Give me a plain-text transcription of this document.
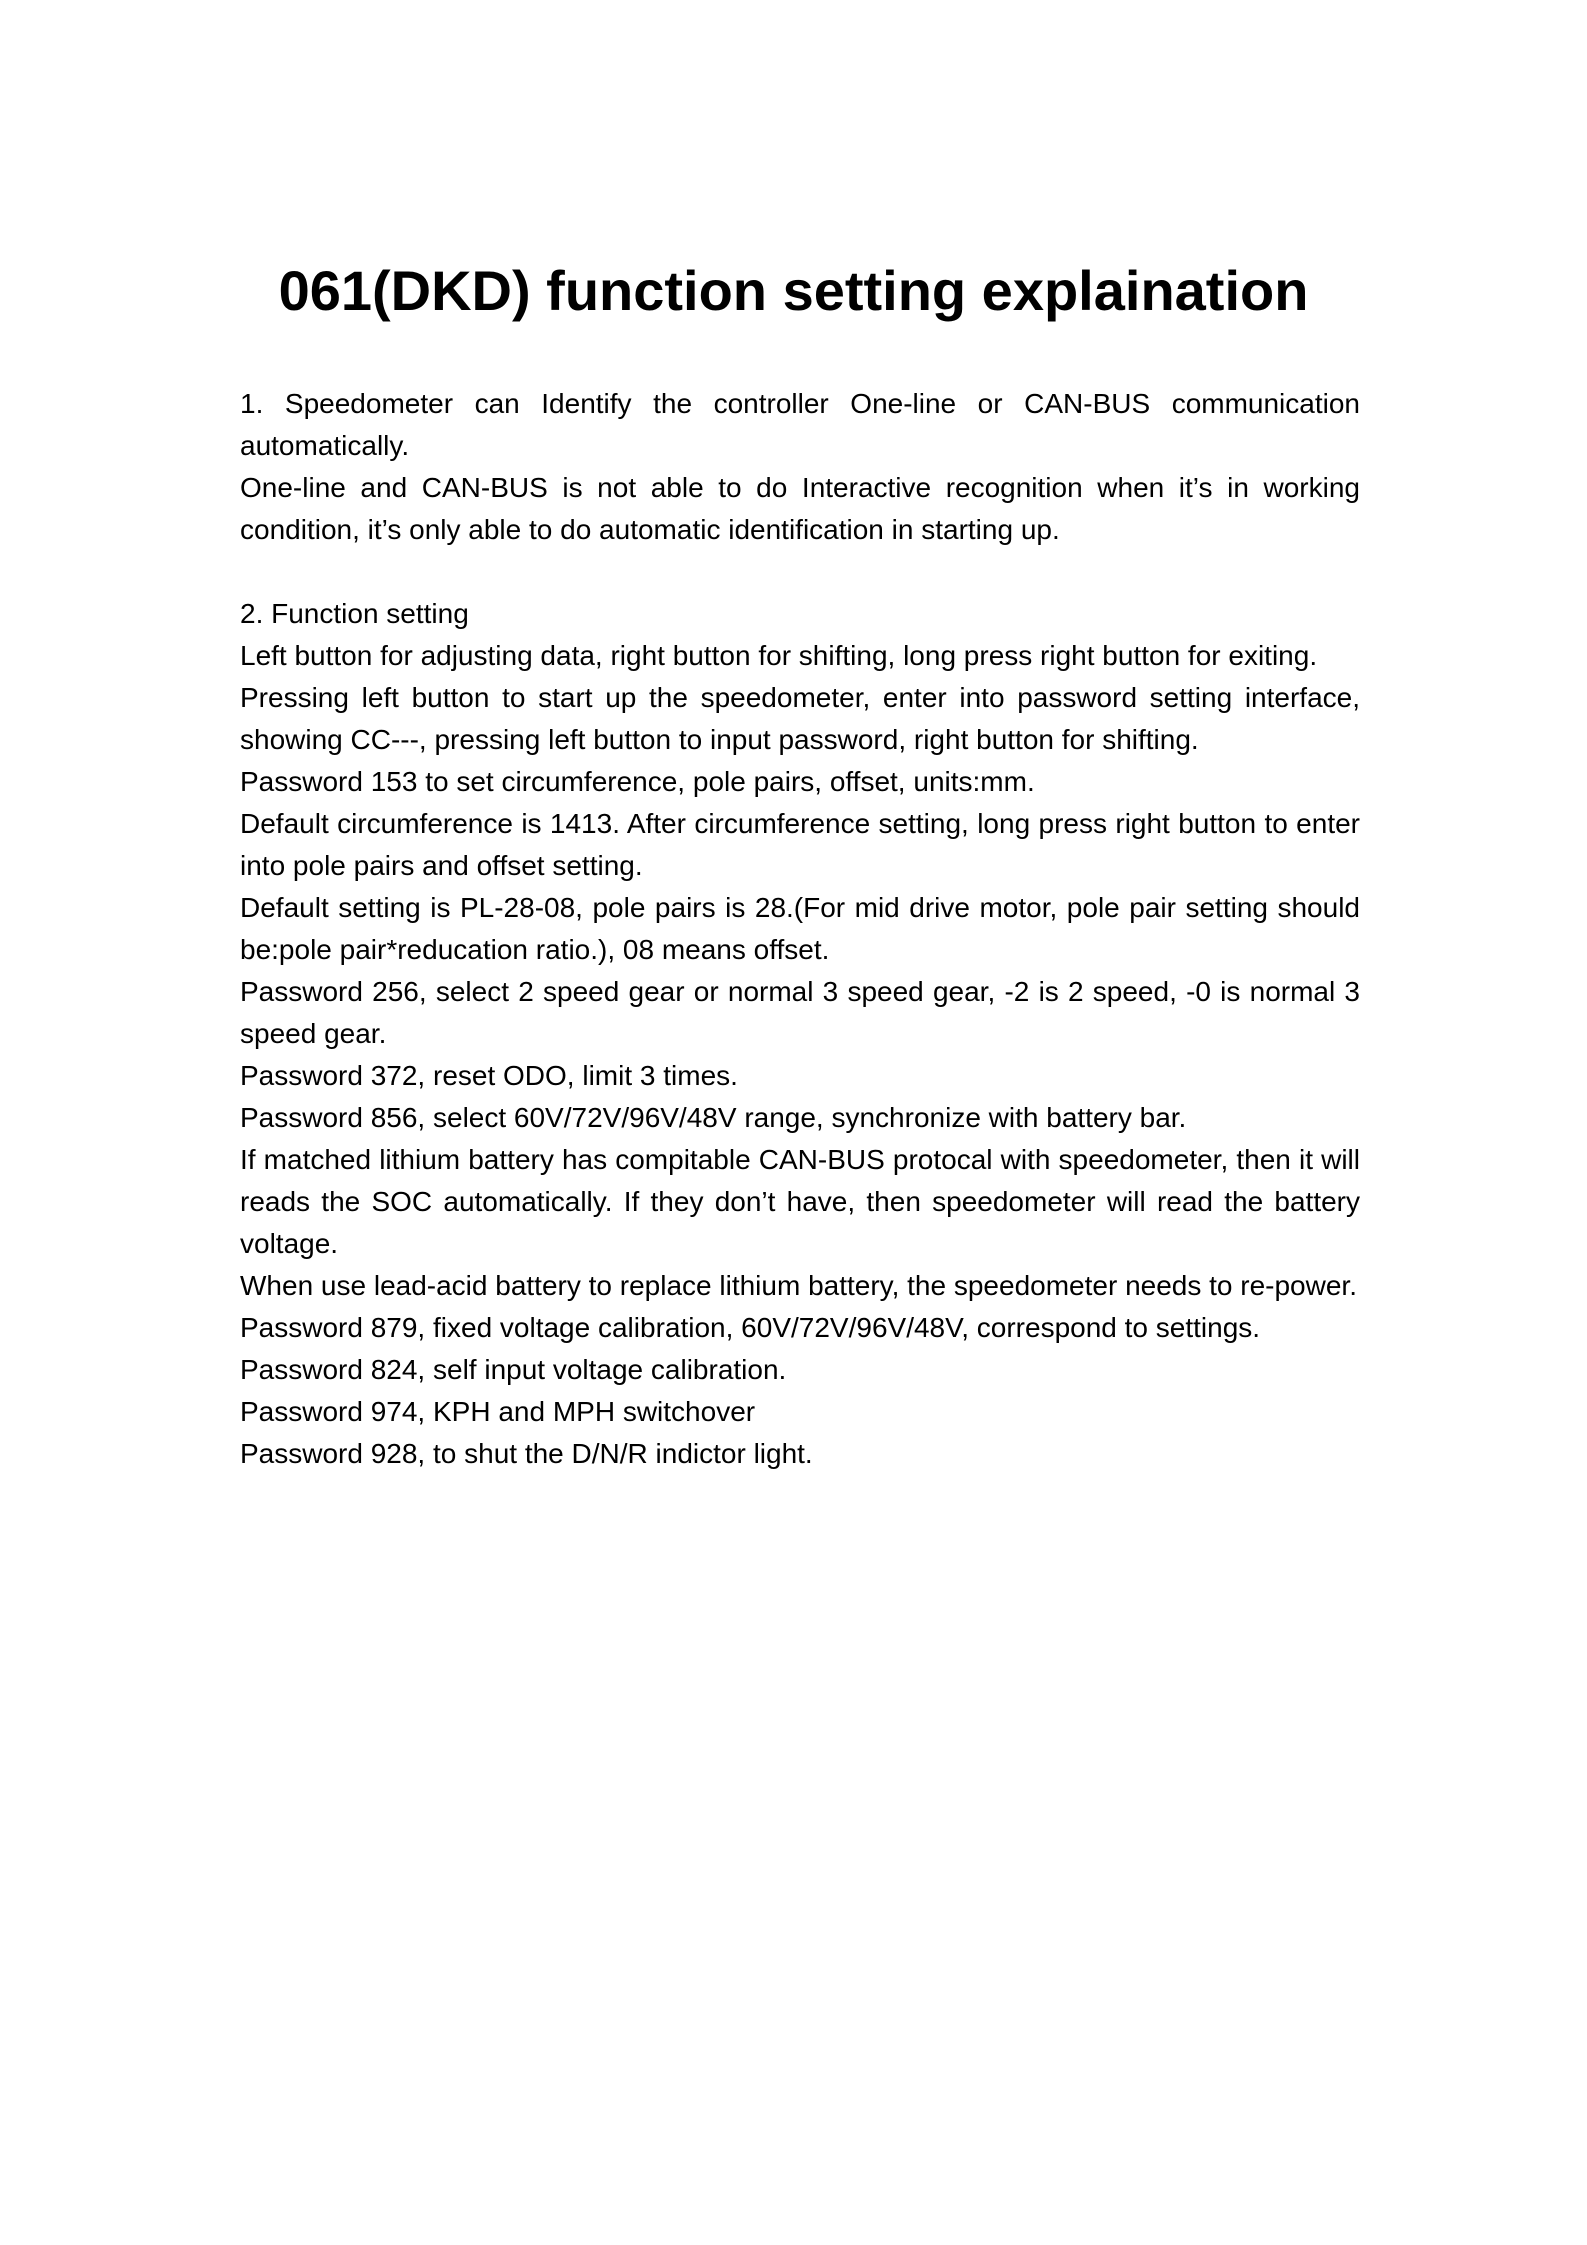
061(DKD) function setting explaination

1. Speedometer can Identify the controller One-line or CAN-BUS communication automatically.

One-line and CAN-BUS is not able to do Interactive recognition when it’s in working condition, it’s only able to do automatic identification in starting up.

2. Function setting

Left button for adjusting data, right button for shifting, long press right button for exiting.

Pressing left button to start up the speedometer, enter into password setting interface, showing CC---, pressing left button to input password, right button for shifting.

Password 153 to set circumference, pole pairs, offset, units:mm.

Default circumference is 1413. After circumference setting, long press right button to enter into pole pairs and offset setting.

Default setting is PL-28-08, pole pairs is 28.(For mid drive motor, pole pair setting should be:pole pair*reducation ratio.), 08 means offset.

Password 256, select 2 speed gear or normal 3 speed gear, -2 is 2 speed, -0 is normal 3 speed gear.

Password 372, reset ODO, limit 3 times.

Password 856, select 60V/72V/96V/48V range, synchronize with battery bar.

If matched lithium battery has compitable CAN-BUS protocal with speedometer, then it will reads the SOC automatically. If they don’t have, then speedometer will read the battery voltage.

When use lead-acid battery to replace lithium battery, the speedometer needs to re-power.

Password 879, fixed voltage calibration, 60V/72V/96V/48V, correspond to settings.

Password 824, self input voltage calibration.

Password 974, KPH and MPH switchover

Password 928, to shut the D/N/R indictor light.
